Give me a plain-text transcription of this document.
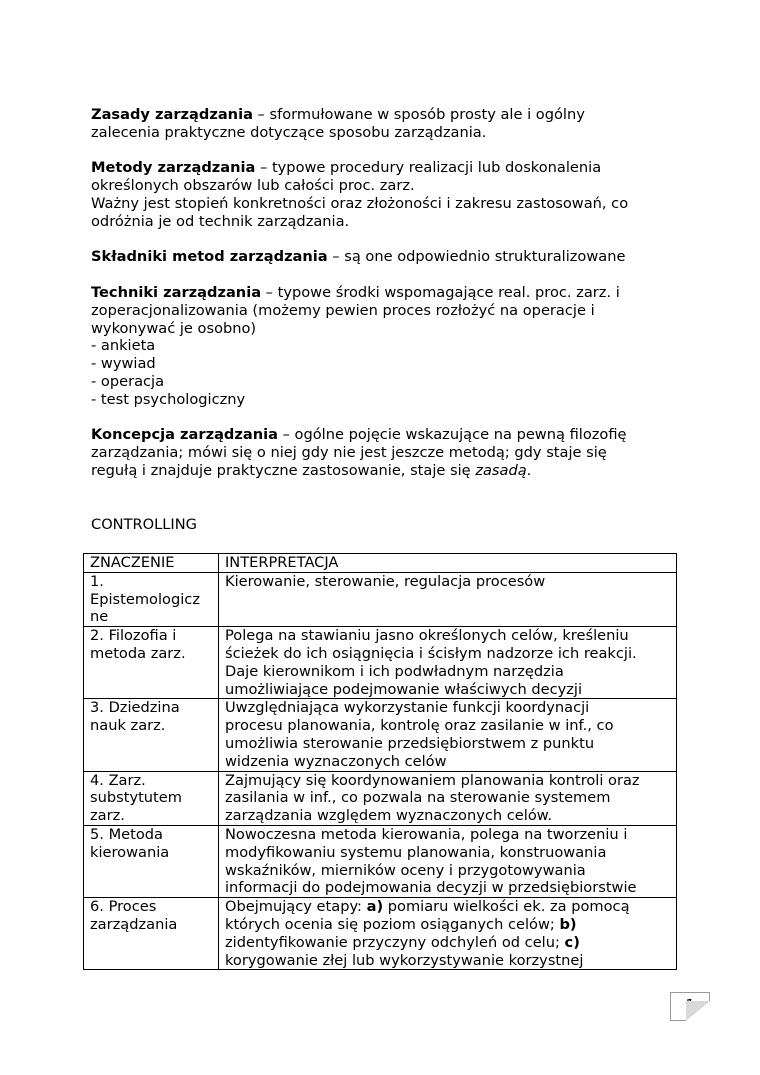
Zasady zarządzania – sformułowane w sposób prosty ale i ogólny
zalecenia praktyczne dotyczące sposobu zarządzania.

Metody zarządzania – typowe procedury realizacji lub doskonalenia
określonych obszarów lub całości proc. zarz.
Ważny jest stopień konkretności oraz złożoności i zakresu zastosowań, co
odróżnia je od technik zarządzania.

Składniki metod zarządzania – są one odpowiednio strukturalizowane

Techniki zarządzania – typowe środki wspomagające real. proc. zarz. i
zoperacjonalizowania (możemy pewien proces rozłożyć na operacje i
wykonywać je osobno)
- ankieta
- wywiad
- operacja
- test psychologiczny

Koncepcja zarządzania – ogólne pojęcie wskazujące na pewną filozofię
zarządzania; mówi się o niej gdy nie jest jeszcze metodą; gdy staje się
regułą i znajduje praktyczne zastosowanie, staje się zasadą.

CONTROLLING

ZNACZENIE	INTERPRETACJA
1.
Epistemologicz
ne	Kierowanie, sterowanie, regulacja procesów
2. Filozofia i
metoda zarz.	Polega na stawianiu jasno określonych celów, kreśleniu
ścieżek do ich osiągnięcia i ścisłym nadzorze ich reakcji.
Daje kierownikom i ich podwładnym narzędzia
umożliwiające podejmowanie właściwych decyzji
3. Dziedzina
nauk zarz.	Uwzględniająca wykorzystanie funkcji koordynacji
procesu planowania, kontrolę oraz zasilanie w inf., co
umożliwia sterowanie przedsiębiorstwem z punktu
widzenia wyznaczonych celów
4. Zarz.
substytutem
zarz.	Zajmujący się koordynowaniem planowania kontroli oraz
zasilania w inf., co pozwala na sterowanie systemem
zarządzania względem wyznaczonych celów.
5. Metoda
kierowania	Nowoczesna metoda kierowania, polega na tworzeniu i
modyfikowaniu systemu planowania, konstruowania
wskaźników, mierników oceny i przygotowywania
informacji do podejmowania decyzji w przedsiębiorstwie
6. Proces
zarządzania	Obejmujący etapy: a) pomiaru wielkości ek. za pomocą
których ocenia się poziom osiąganych celów; b)
zidentyfikowanie przyczyny odchyleń od celu; c)
korygowanie złej lub wykorzystywanie korzystnej
1
